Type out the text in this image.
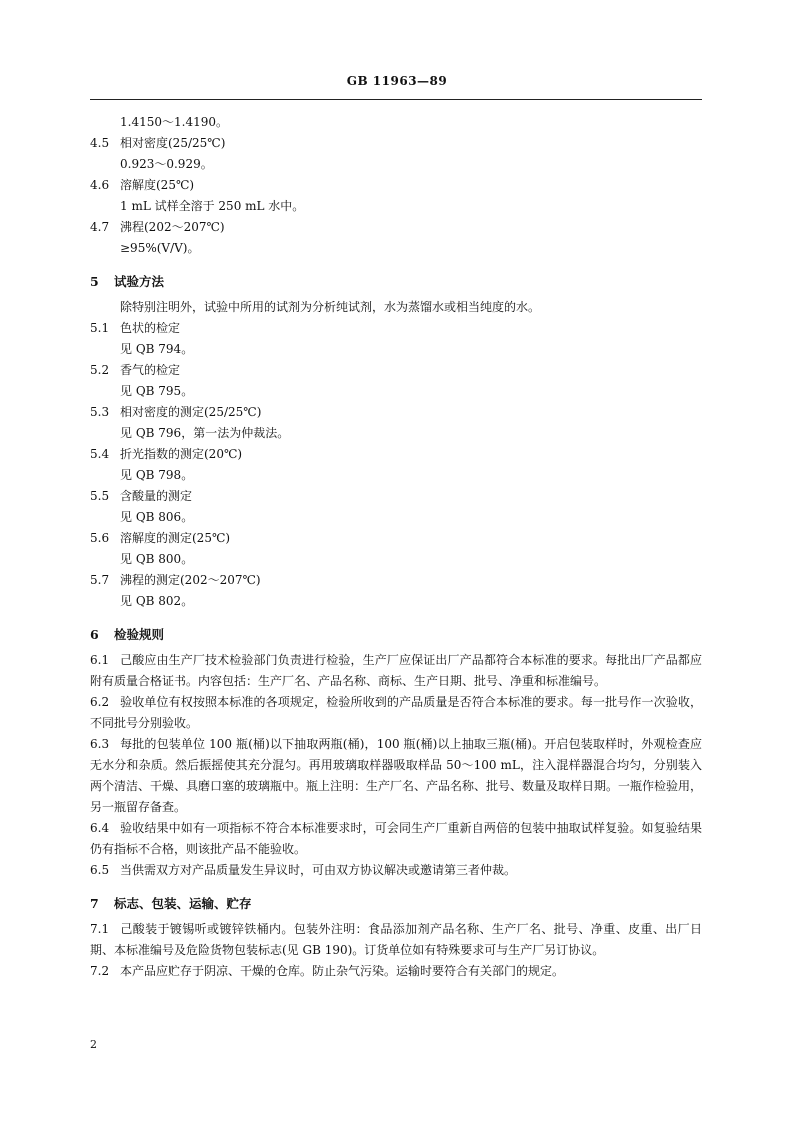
GB 11963—89
1.4150～1.4190。
4.5 相对密度(25/25℃)
0.923～0.929。
4.6 溶解度(25℃)
1 mL 试样全溶于 250 mL 水中。
4.7 沸程(202～207℃)
≥95%(V/V)。
5 试验方法
除特别注明外，试验中所用的试剂为分析纯试剂，水为蒸馏水或相当纯度的水。
5.1 色状的检定
见 QB 794。
5.2 香气的检定
见 QB 795。
5.3 相对密度的测定(25/25℃)
见 QB 796，第一法为仲裁法。
5.4 折光指数的测定(20℃)
见 QB 798。
5.5 含酸量的测定
见 QB 806。
5.6 溶解度的测定(25℃)
见 QB 800。
5.7 沸程的测定(202～207℃)
见 QB 802。
6 检验规则
6.1 己酸应由生产厂技术检验部门负责进行检验，生产厂应保证出厂产品都符合本标准的要求。每批出厂产品都应附有质量合格证书。内容包括：生产厂名、产品名称、商标、生产日期、批号、净重和标准编号。
6.2 验收单位有权按照本标准的各项规定，检验所收到的产品质量是否符合本标准的要求。每一批号作一次验收，不同批号分别验收。
6.3 每批的包装单位 100 瓶(桶)以下抽取两瓶(桶)，100 瓶(桶)以上抽取三瓶(桶)。开启包装取样时，外观检查应无水分和杂质。然后振摇使其充分混匀。再用玻璃取样器吸取样品 50～100 mL，注入混样器混合均匀，分别装入两个清洁、干燥、具磨口塞的玻璃瓶中。瓶上注明：生产厂名、产品名称、批号、数量及取样日期。一瓶作检验用，另一瓶留存备查。
6.4 验收结果中如有一项指标不符合本标准要求时，可会同生产厂重新自两倍的包装中抽取试样复验。如复验结果仍有指标不合格，则该批产品不能验收。
6.5 当供需双方对产品质量发生异议时，可由双方协议解决或邀请第三者仲裁。
7 标志、包装、运输、贮存
7.1 己酸装于镀锡听或镀锌铁桶内。包装外注明：食品添加剂产品名称、生产厂名、批号、净重、皮重、出厂日期、本标准编号及危险货物包装标志(见 GB 190)。订货单位如有特殊要求可与生产厂另订协议。
7.2 本产品应贮存于阴凉、干燥的仓库。防止杂气污染。运输时要符合有关部门的规定。
2
